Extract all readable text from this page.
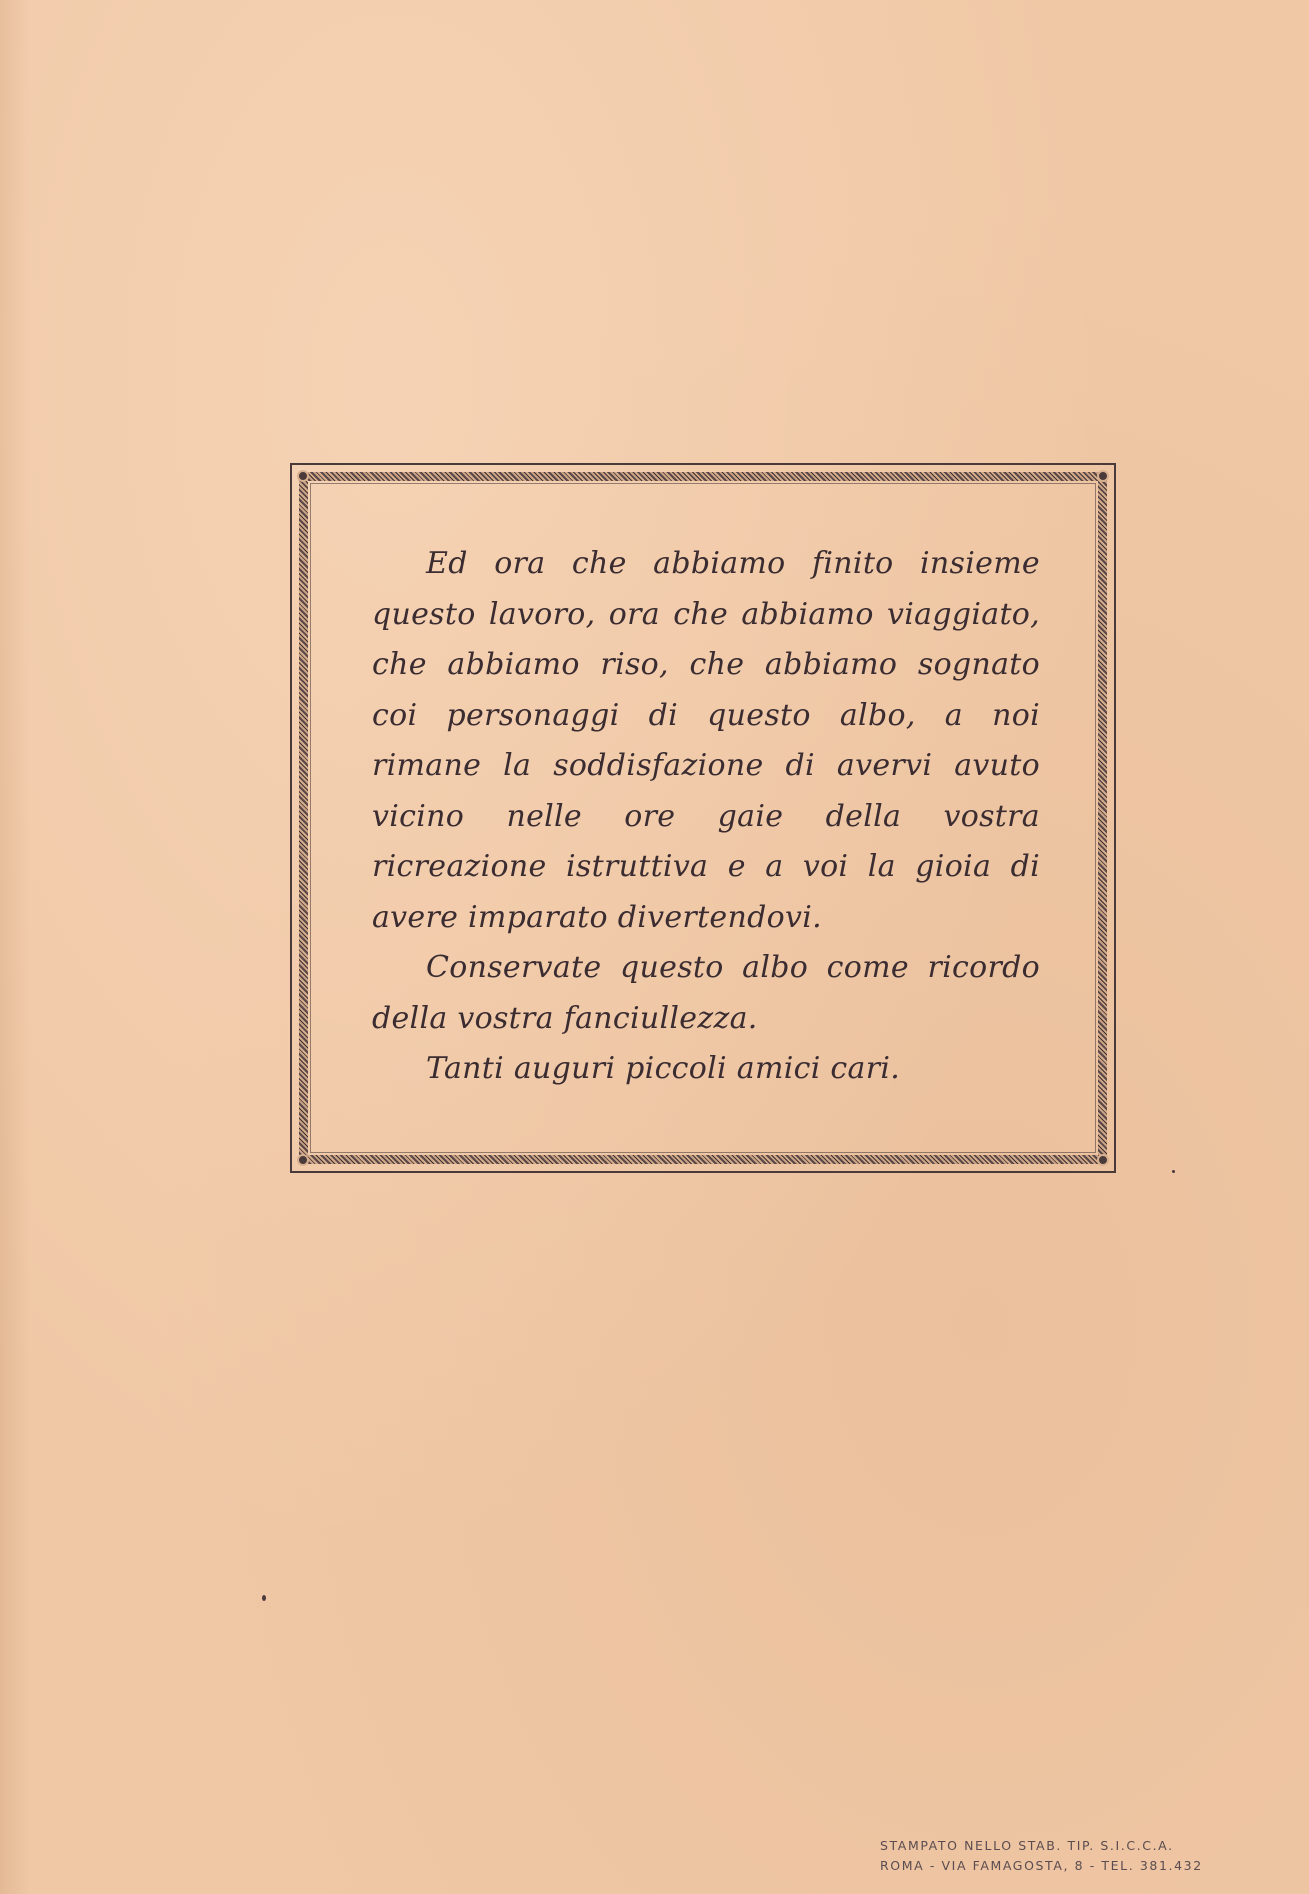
Ed ora che abbiamo finito insieme questo lavoro, ora che abbiamo viaggiato, che abbiamo riso, che abbiamo sognato coi personaggi di questo albo, a noi rimane la soddisfazione di avervi avuto vicino nelle ore gaie della vostra ricreazione istruttiva e a voi la gioia di avere imparato divertendovi.

Conservate questo albo come ricordo della vostra fanciullezza.

Tanti auguri piccoli amici cari.

STAMPATO NELLO STAB. TIP. S.I.C.C.A.
ROMA - VIA FAMAGOSTA, 8 - TEL. 381.432
